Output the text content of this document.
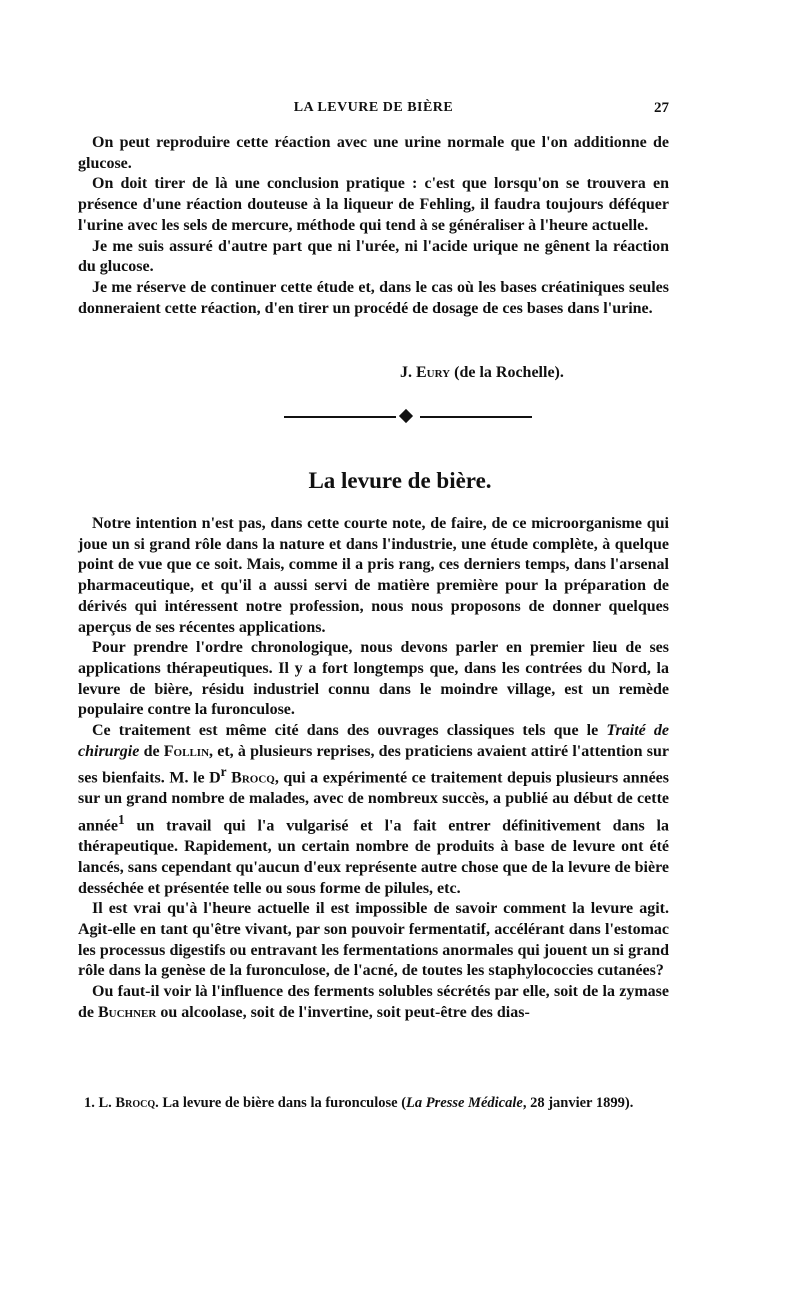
LA LEVURE DE BIÈRE	27

On peut reproduire cette réaction avec une urine normale que l'on additionne de glucose.

On doit tirer de là une conclusion pratique : c'est que lorsqu'on se trouvera en présence d'une réaction douteuse à la liqueur de Fehling, il faudra toujours déféquer l'urine avec les sels de mercure, méthode qui tend à se généraliser à l'heure actuelle.

Je me suis assuré d'autre part que ni l'urée, ni l'acide urique ne gênent la réaction du glucose.

Je me réserve de continuer cette étude et, dans le cas où les bases créatiniques seules donneraient cette réaction, d'en tirer un procédé de dosage de ces bases dans l'urine.

J. Eury (de la Rochelle).
La levure de bière.

Notre intention n'est pas, dans cette courte note, de faire, de ce microorganisme qui joue un si grand rôle dans la nature et dans l'industrie, une étude complète, à quelque point de vue que ce soit. Mais, comme il a pris rang, ces derniers temps, dans l'arsenal pharmaceutique, et qu'il a aussi servi de matière première pour la préparation de dérivés qui intéressent notre profession, nous nous proposons de donner quelques aperçus de ses récentes applications.

Pour prendre l'ordre chronologique, nous devons parler en premier lieu de ses applications thérapeutiques. Il y a fort longtemps que, dans les contrées du Nord, la levure de bière, résidu industriel connu dans le moindre village, est un remède populaire contre la furonculose.

Ce traitement est même cité dans des ouvrages classiques tels que le Traité de chirurgie de Follin, et, à plusieurs reprises, des praticiens avaient attiré l'attention sur ses bienfaits. M. le $D^r$ Brocq, qui a expérimenté ce traitement depuis plusieurs années sur un grand nombre de malades, avec de nombreux succès, a publié au début de cette année$^1$ un travail qui l'a vulgarisé et l'a fait entrer définitivement dans la thérapeutique. Rapidement, un certain nombre de produits à base de levure ont été lancés, sans cependant qu'aucun d'eux représente autre chose que de la levure de bière desséchée et présentée telle ou sous forme de pilules, etc.

Il est vrai qu'à l'heure actuelle il est impossible de savoir comment la levure agit. Agit-elle en tant qu'être vivant, par son pouvoir fermentatif, accélérant dans l'estomac les processus digestifs ou entravant les fermentations anormales qui jouent un si grand rôle dans la genèse de la furonculose, de l'acné, de toutes les staphylococcies cutanées?

Ou faut-il voir là l'influence des ferments solubles sécrétés par elle, soit de la zymase de Buchner ou alcoolase, soit de l'invertine, soit peut-être des dias-

1. L. Brocq. La levure de bière dans la furonculose (La Presse Médicale, 28 janvier 1899).
